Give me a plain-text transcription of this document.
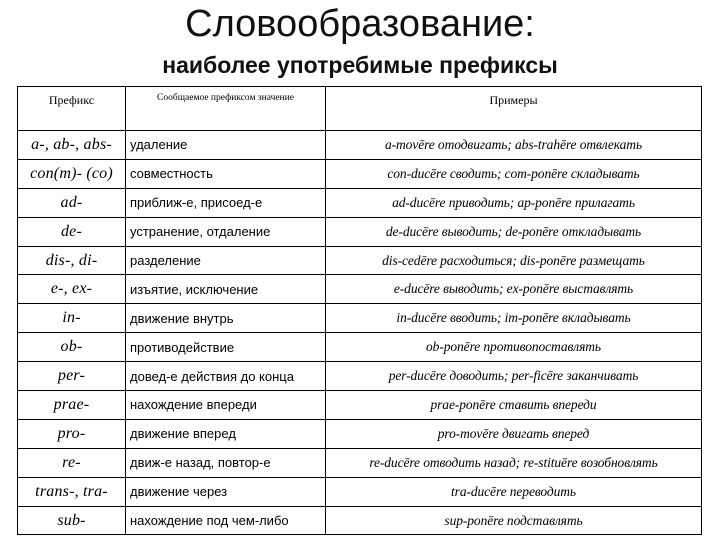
Словообразование:
наиболее употребимые префиксы
Префикс	Сообщаемое префиксом значение	Примеры
a-, ab-, abs-	удаление	a-movēre отодвигать; abs-trahēre отвлекать
con(m)- (co)	совместность	con-ducēre сводить; com-ponēre складывать
ad-	приближ-е, присоед-е	ad-ducēre приводить; ap-ponēre прилагать
de-	устранение, отдаление	de-ducēre выводить; de-ponēre откладывать
dis-, di-	разделение	dis-cedēre расходиться; dis-ponēre размещать
e-, ex-	изъятие, исключение	e-ducēre выводить; ex-ponēre выставлять
in-	движение внутрь	in-ducēre вводить; im-ponēre вкладывать
ob-	противодействие	ob-ponēre противопоставлять
per-	довед-е действия до конца	per-ducēre доводить; per-ficēre заканчивать
prae-	нахождение впереди	prae-ponēre ставить впереди
pro-	движение вперед	pro-movēre двигать вперед
re-	движ-е назад, повтор-е	re-ducēre отводить назад; re-stituēre возобновлять
trans-, tra-	движение через	tra-ducēre переводить
sub-	нахождение под чем-либо	sup-ponēre подставлять
